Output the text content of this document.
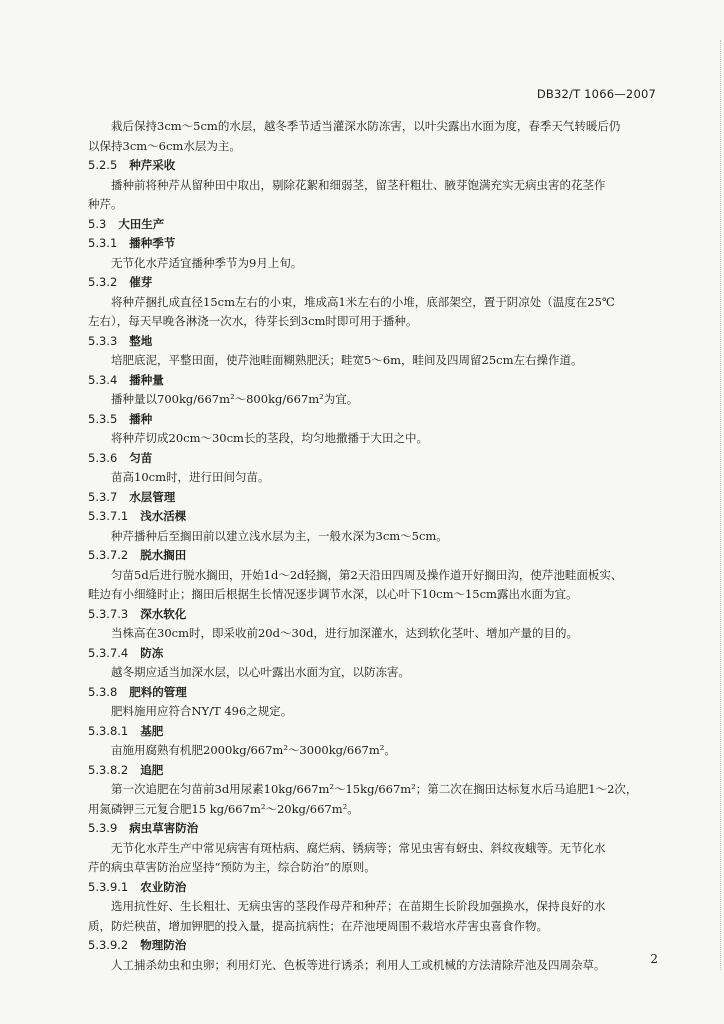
DB32/T 1066—2007
栽后保持3cm～5cm的水层，越冬季节适当灌深水防冻害，以叶尖露出水面为度，春季天气转暖后仍
以保持3cm～6cm水层为主。
5.2.5 种芹采收
播种前将种芹从留种田中取出，剔除花絮和细弱茎，留茎秆粗壮、腋芽饱满充实无病虫害的花茎作
种芹。
5.3 大田生产
5.3.1 播种季节
无节化水芹适宜播种季节为9月上旬。
5.3.2 催芽
将种芹捆扎成直径15cm左右的小束，堆成高1米左右的小堆，底部架空，置于阴凉处（温度在25℃
左右），每天早晚各淋浇一次水，待芽长到3cm时即可用于播种。
5.3.3 整地
培肥底泥，平整田面，使芹池畦面糊熟肥沃；畦宽5～6m，畦间及四周留25cm左右操作道。
5.3.4 播种量
播种量以700kg/667m²～800kg/667m²为宜。
5.3.5 播种
将种芹切成20cm～30cm长的茎段，均匀地撒播于大田之中。
5.3.6 匀苗
苗高10cm时，进行田间匀苗。
5.3.7 水层管理
5.3.7.1 浅水活棵
种芹播种后至搁田前以建立浅水层为主，一般水深为3cm～5cm。
5.3.7.2 脱水搁田
匀苗5d后进行脱水搁田，开始1d～2d轻搁，第2天沿田四周及操作道开好搁田沟，使芹池畦面板实、
畦边有小细缝时止；搁田后根据生长情况逐步调节水深，以心叶下10cm～15cm露出水面为宜。
5.3.7.3 深水软化
当株高在30cm时，即采收前20d～30d，进行加深灌水，达到软化茎叶、增加产量的目的。
5.3.7.4 防冻
越冬期应适当加深水层，以心叶露出水面为宜，以防冻害。
5.3.8 肥料的管理
肥料施用应符合NY/T 496之规定。
5.3.8.1 基肥
亩施用腐熟有机肥2000kg/667m²～3000kg/667m²。
5.3.8.2 追肥
第一次追肥在匀苗前3d用尿素10kg/667m²～15kg/667m²；第二次在搁田达标复水后马追肥1～2次，
用氮磷钾三元复合肥15 kg/667m²～20kg/667m²。
5.3.9 病虫草害防治
无节化水芹生产中常见病害有斑枯病、腐烂病、锈病等；常见虫害有蚜虫、斜纹夜蛾等。无节化水
芹的病虫草害防治应坚持“预防为主，综合防治”的原则。
5.3.9.1 农业防治
选用抗性好、生长粗壮、无病虫害的茎段作母芹和种芹；在苗期生长阶段加强换水，保持良好的水
质，防烂秧苗，增加钾肥的投入量，提高抗病性；在芹池埂周围不栽培水芹害虫喜食作物。
5.3.9.2 物理防治
人工捕杀幼虫和虫卵；利用灯光、色板等进行诱杀；利用人工或机械的方法清除芹池及四周杂草。	2
